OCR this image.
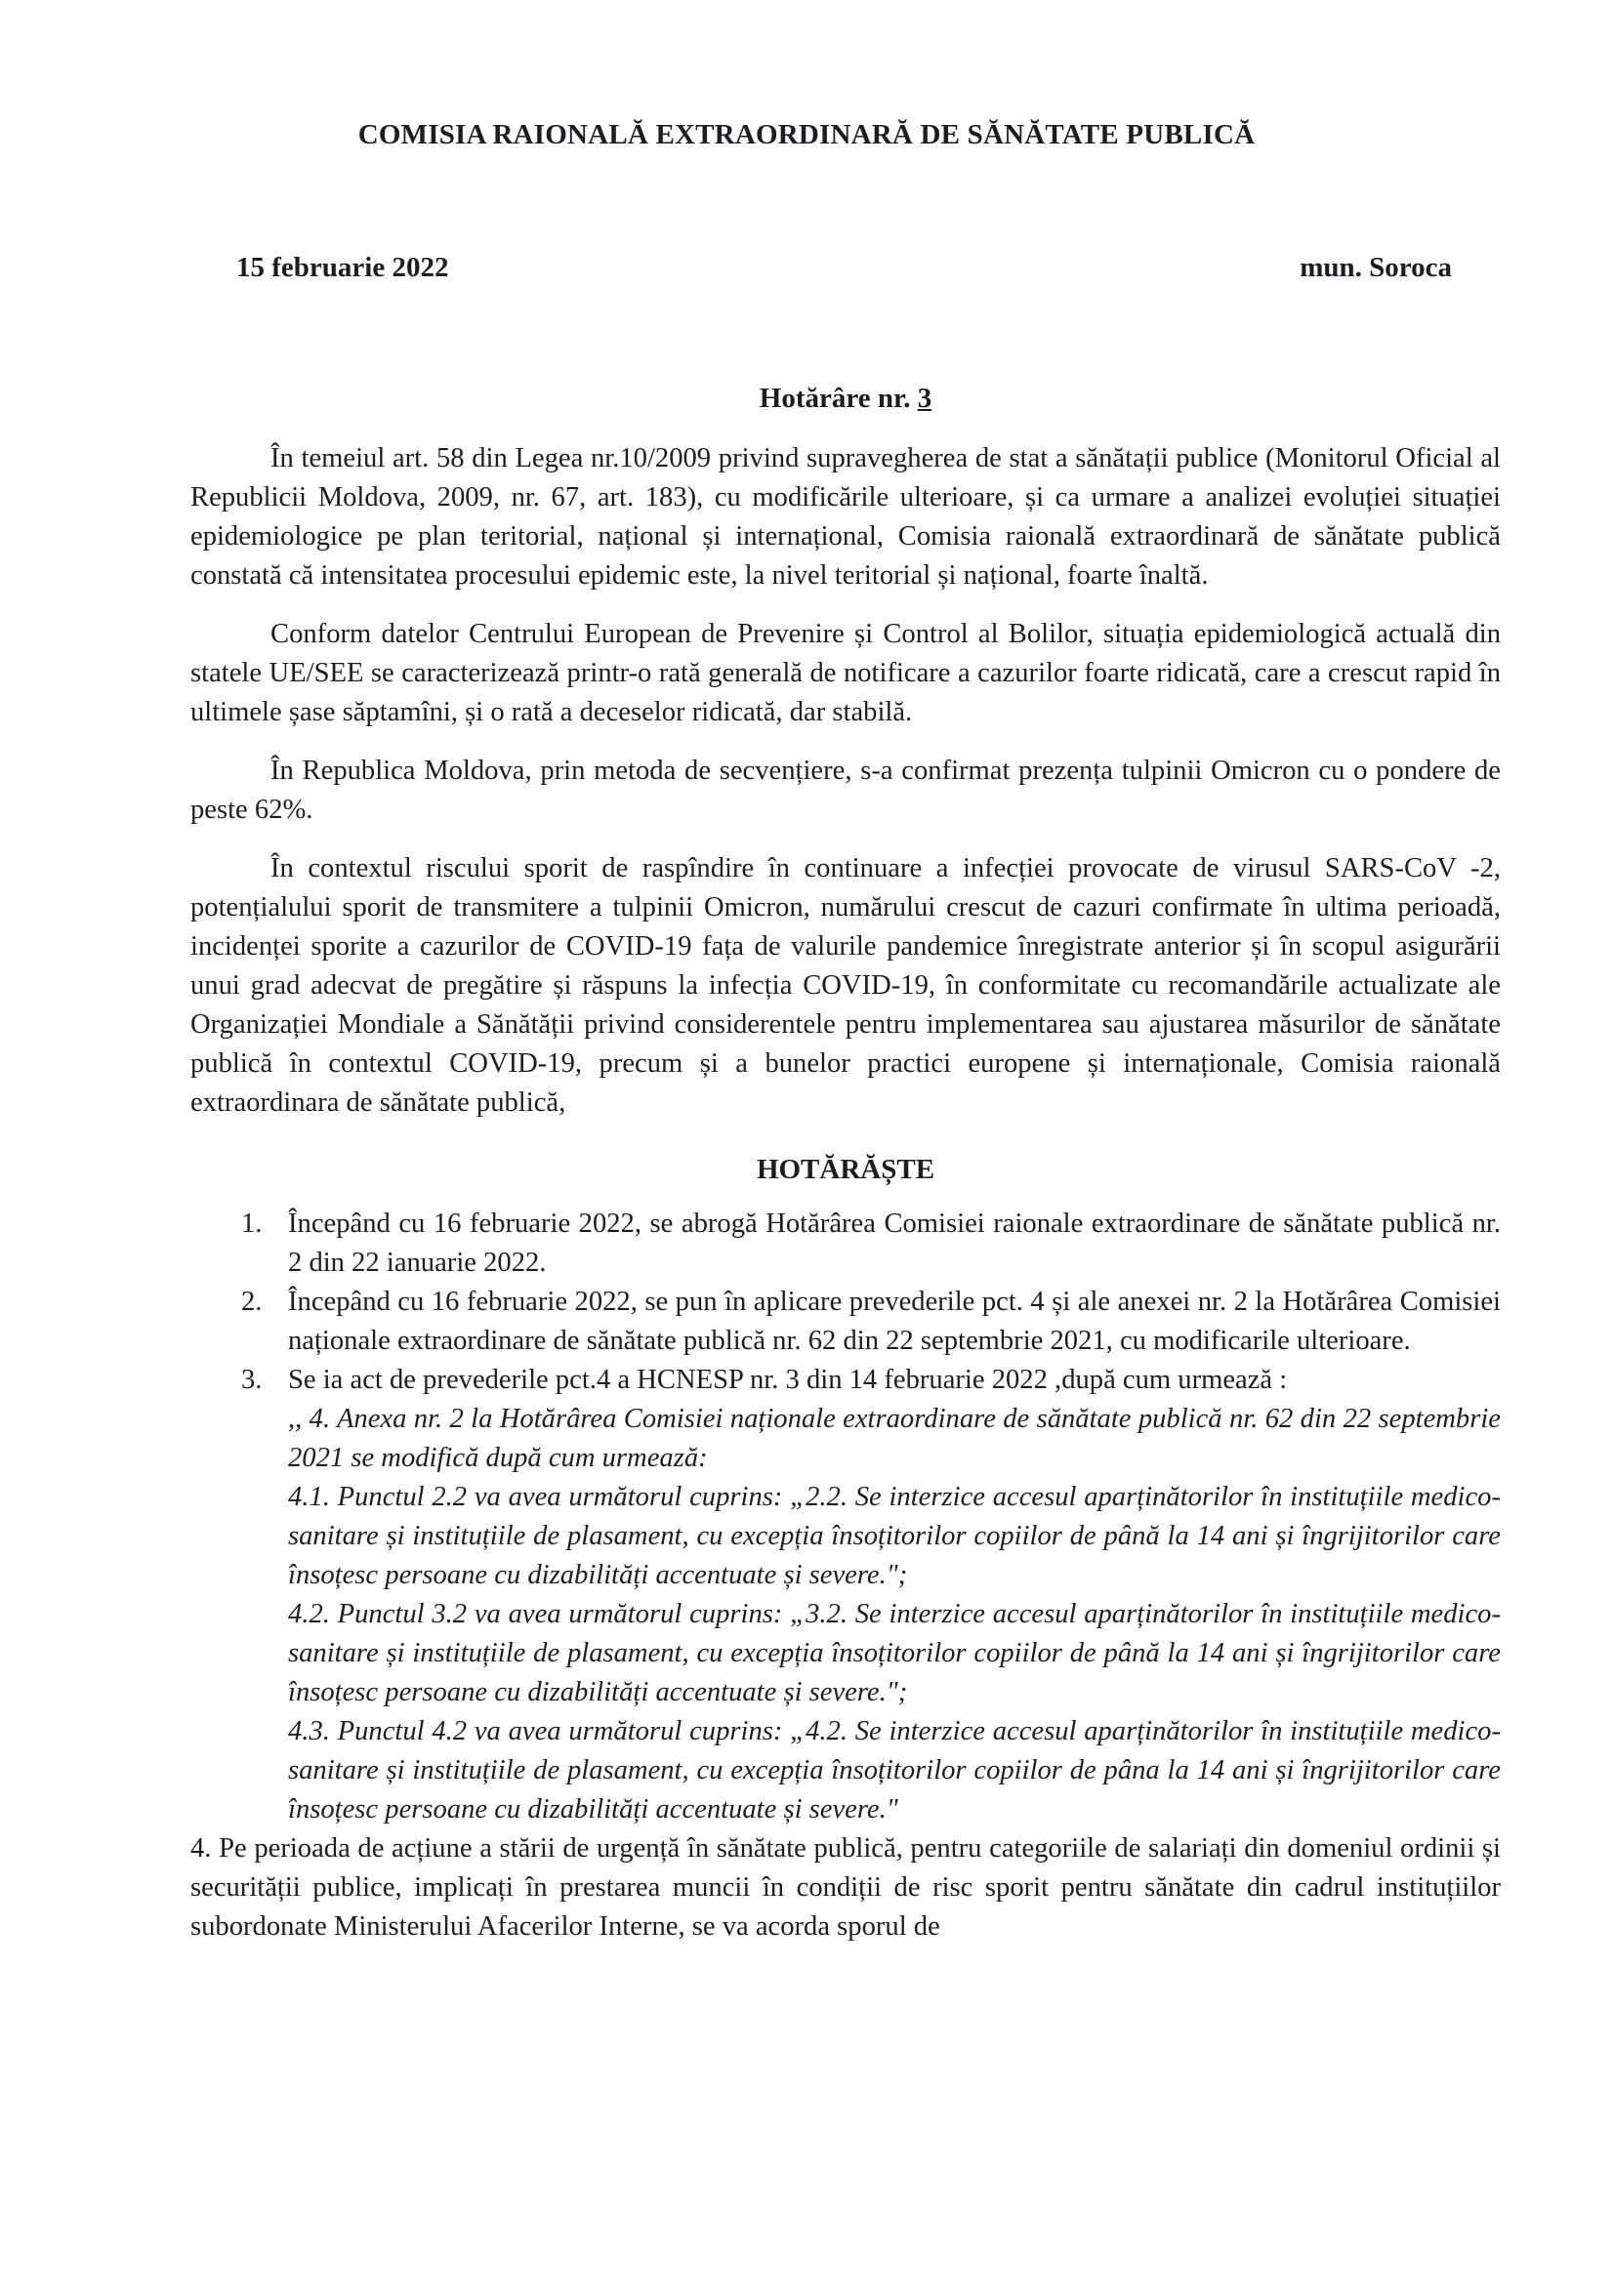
COMISIA RAIONALĂ EXTRAORDINARĂ DE SĂNĂTATE PUBLICĂ
15 februarie 2022	mun. Soroca
Hotărâre nr. 3

În temeiul art. 58 din Legea nr.10/2009 privind supravegherea de stat a sănătații publice (Monitorul Oficial al Republicii Moldova, 2009, nr. 67, art. 183), cu modificările ulterioare, și ca urmare a analizei evoluției situației epidemiologice pe plan teritorial, național și internațional, Comisia raională extraordinară de sănătate publică constată că intensitatea procesului epidemic este, la nivel teritorial și național, foarte înaltă.

Conform datelor Centrului European de Prevenire și Control al Bolilor, situația epidemiologică actuală din statele UE/SEE se caracterizează printr-o rată generală de notificare a cazurilor foarte ridicată, care a crescut rapid în ultimele șase săptamîni, și o rată a deceselor ridicată, dar stabilă.

În Republica Moldova, prin metoda de secvențiere, s-a confirmat prezența tulpinii Omicron cu o pondere de peste 62%.

În contextul riscului sporit de raspîndire în continuare a infecției provocate de virusul SARS-CoV -2, potențialului sporit de transmitere a tulpinii Omicron, numărului crescut de cazuri confirmate în ultima perioadă, incidenței sporite a cazurilor de COVID-19 fața de valurile pandemice înregistrate anterior și în scopul asigurării unui grad adecvat de pregătire și răspuns la infecția COVID-19, în conformitate cu recomandările actualizate ale Organizației Mondiale a Sănătății privind considerentele pentru implementarea sau ajustarea măsurilor de sănătate publică în contextul COVID-19, precum și a bunelor practici europene și internaționale, Comisia raională extraordinara de sănătate publică,

HOTĂRĂȘTE
1. Începând cu 16 februarie 2022, se abrogă Hotărârea Comisiei raionale extraordinare de sănătate publică nr. 2 din 22 ianuarie 2022.
2. Începând cu 16 februarie 2022, se pun în aplicare prevederile pct. 4 și ale anexei nr. 2 la Hotărârea Comisiei naționale extraordinare de sănătate publică nr. 62 din 22 septembrie 2021, cu modificarile ulterioare.
3. Se ia act de prevederile pct.4 a HCNESP nr. 3 din 14 februarie 2022 ,după cum urmează :
,, 4. Anexa nr. 2 la Hotărârea Comisiei naționale extraordinare de sănătate publică nr. 62 din 22 septembrie 2021 se modifică după cum urmează:
4.1. Punctul 2.2 va avea următorul cuprins: „2.2. Se interzice accesul aparținătorilor în instituțiile medico-sanitare și instituțiile de plasament, cu excepția însoțitorilor copiilor de până la 14 ani și îngrijitorilor care însoțesc persoane cu dizabilități accentuate și severe.";
4.2. Punctul 3.2 va avea următorul cuprins: „3.2. Se interzice accesul aparținătorilor în instituțiile medico-sanitare și instituțiile de plasament, cu excepția însoțitorilor copiilor de până la 14 ani și îngrijitorilor care însoțesc persoane cu dizabilități accentuate și severe.";
4.3. Punctul 4.2 va avea următorul cuprins: „4.2. Se interzice accesul aparținătorilor în instituțiile medico-sanitare și instituțiile de plasament, cu excepția însoțitorilor copiilor de pâna la 14 ani și îngrijitorilor care însoțesc persoane cu dizabilități accentuate și severe."

4. Pe perioada de acțiune a stării de urgență în sănătate publică, pentru categoriile de salariați din domeniul ordinii și securității publice, implicați în prestarea muncii în condiții de risc sporit pentru sănătate din cadrul instituțiilor subordonate Ministerului Afacerilor Interne, se va acorda sporul de
